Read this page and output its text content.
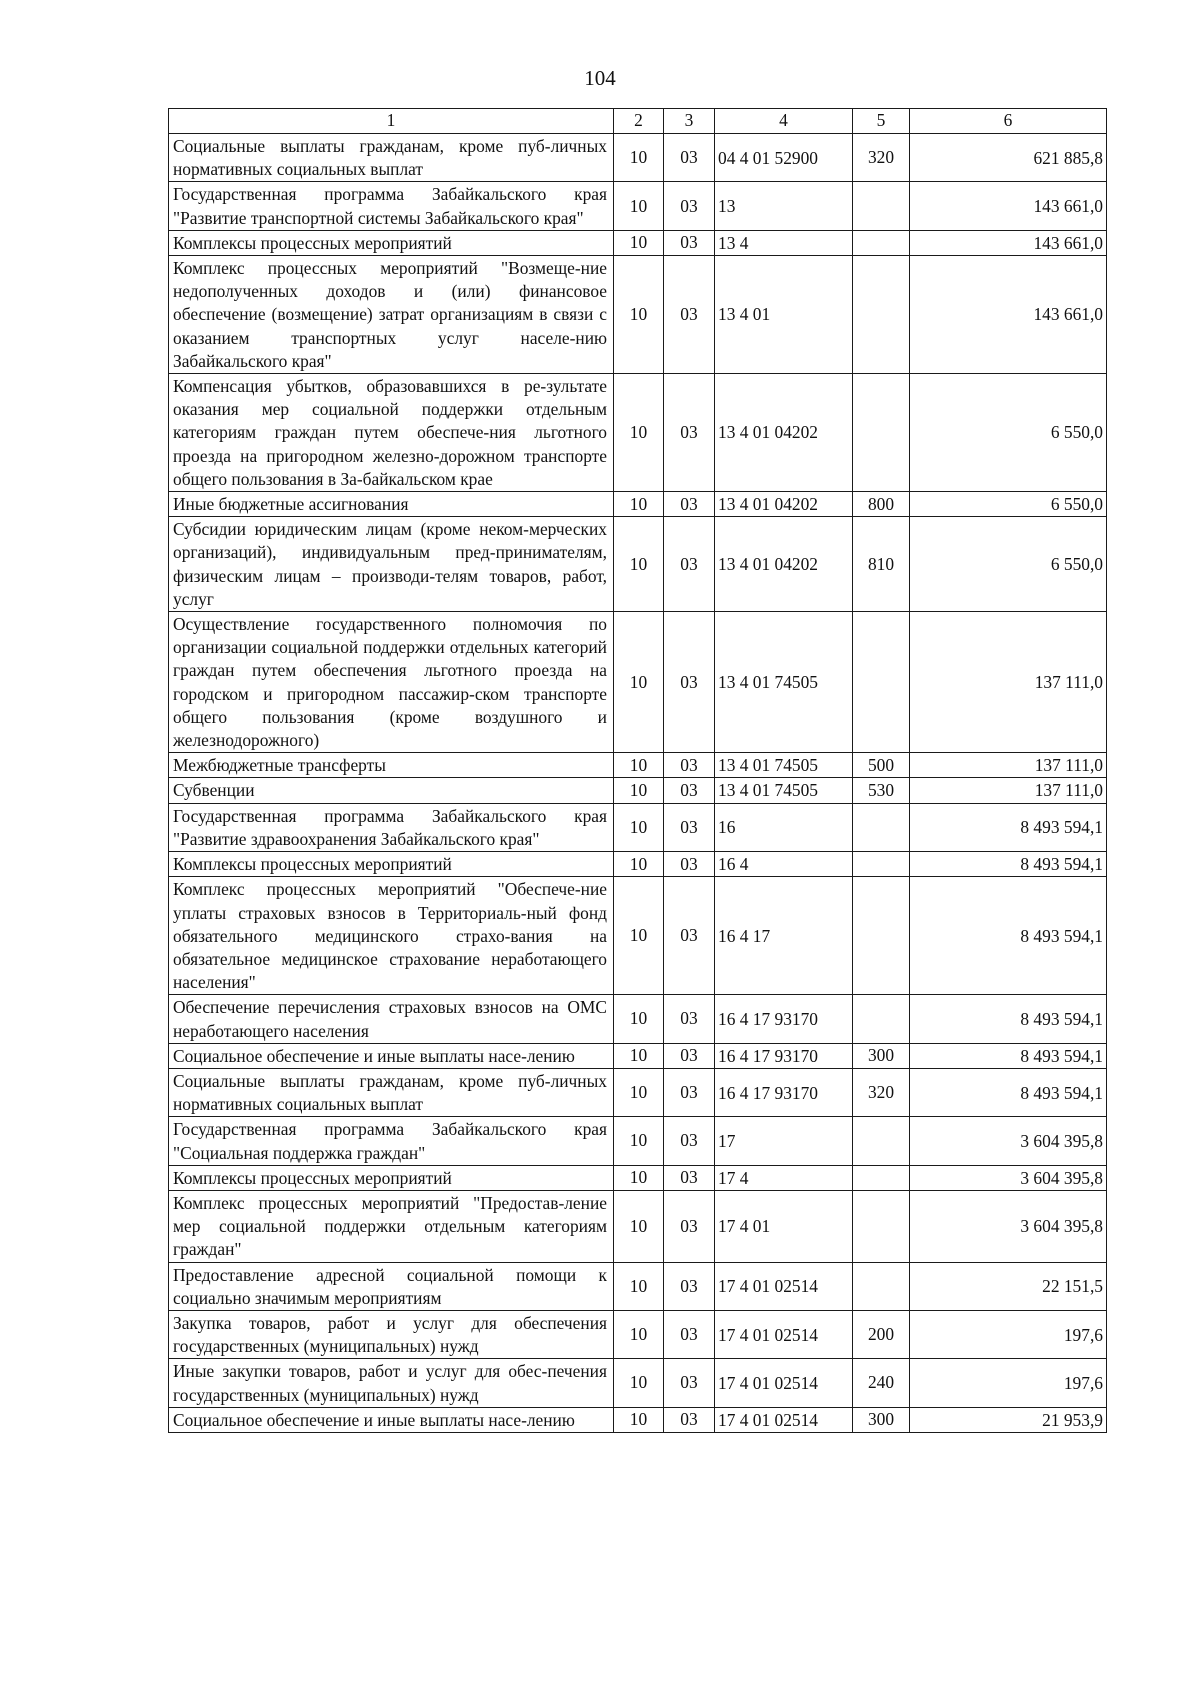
104
1	2	3	4	5	6
Социальные выплаты гражданам, кроме пуб-личных нормативных социальных выплат	10	03	04 4 01 52900	320	621 885,8
Государственная программа Забайкальского края "Развитие транспортной системы Забайкальского края"	10	03	13		143 661,0
Комплексы процессных мероприятий	10	03	13 4		143 661,0
Комплекс процессных мероприятий "Возмеще-ние недополученных доходов и (или) финансовое обеспечение (возмещение) затрат организациям в связи с оказанием транспортных услуг населе-нию Забайкальского края"	10	03	13 4 01		143 661,0
Компенсация убытков, образовавшихся в ре-зультате оказания мер социальной поддержки отдельным категориям граждан путем обеспече-ния льготного проезда на пригородном железно-дорожном транспорте общего пользования в За-байкальском крае	10	03	13 4 01 04202		6 550,0
Иные бюджетные ассигнования	10	03	13 4 01 04202	800	6 550,0
Субсидии юридическим лицам (кроме неком-мерческих организаций), индивидуальным пред-принимателям, физическим лицам – производи-телям товаров, работ, услуг	10	03	13 4 01 04202	810	6 550,0
Осуществление государственного полномочия по организации социальной поддержки отдельных категорий граждан путем обеспечения льготного проезда на городском и пригородном пассажир-ском транспорте общего пользования (кроме воздушного и железнодорожного)	10	03	13 4 01 74505		137 111,0
Межбюджетные трансферты	10	03	13 4 01 74505	500	137 111,0
Субвенции	10	03	13 4 01 74505	530	137 111,0
Государственная программа Забайкальского края "Развитие здравоохранения Забайкальского края"	10	03	16		8 493 594,1
Комплексы процессных мероприятий	10	03	16 4		8 493 594,1
Комплекс процессных мероприятий "Обеспече-ние уплаты страховых взносов в Территориаль-ный фонд обязательного медицинского страхо-вания на обязательное медицинское страхование неработающего населения"	10	03	16 4 17		8 493 594,1
Обеспечение перечисления страховых взносов на ОМС неработающего населения	10	03	16 4 17 93170		8 493 594,1
Социальное обеспечение и иные выплаты насе-лению	10	03	16 4 17 93170	300	8 493 594,1
Социальные выплаты гражданам, кроме пуб-личных нормативных социальных выплат	10	03	16 4 17 93170	320	8 493 594,1
Государственная программа Забайкальского края "Социальная поддержка граждан"	10	03	17		3 604 395,8
Комплексы процессных мероприятий	10	03	17 4		3 604 395,8
Комплекс процессных мероприятий "Предостав-ление мер социальной поддержки отдельным категориям граждан"	10	03	17 4 01		3 604 395,8
Предоставление адресной социальной помощи к социально значимым мероприятиям	10	03	17 4 01 02514		22 151,5
Закупка товаров, работ и услуг для обеспечения государственных (муниципальных) нужд	10	03	17 4 01 02514	200	197,6
Иные закупки товаров, работ и услуг для обес-печения государственных (муниципальных) нужд	10	03	17 4 01 02514	240	197,6
Социальное обеспечение и иные выплаты насе-лению	10	03	17 4 01 02514	300	21 953,9
